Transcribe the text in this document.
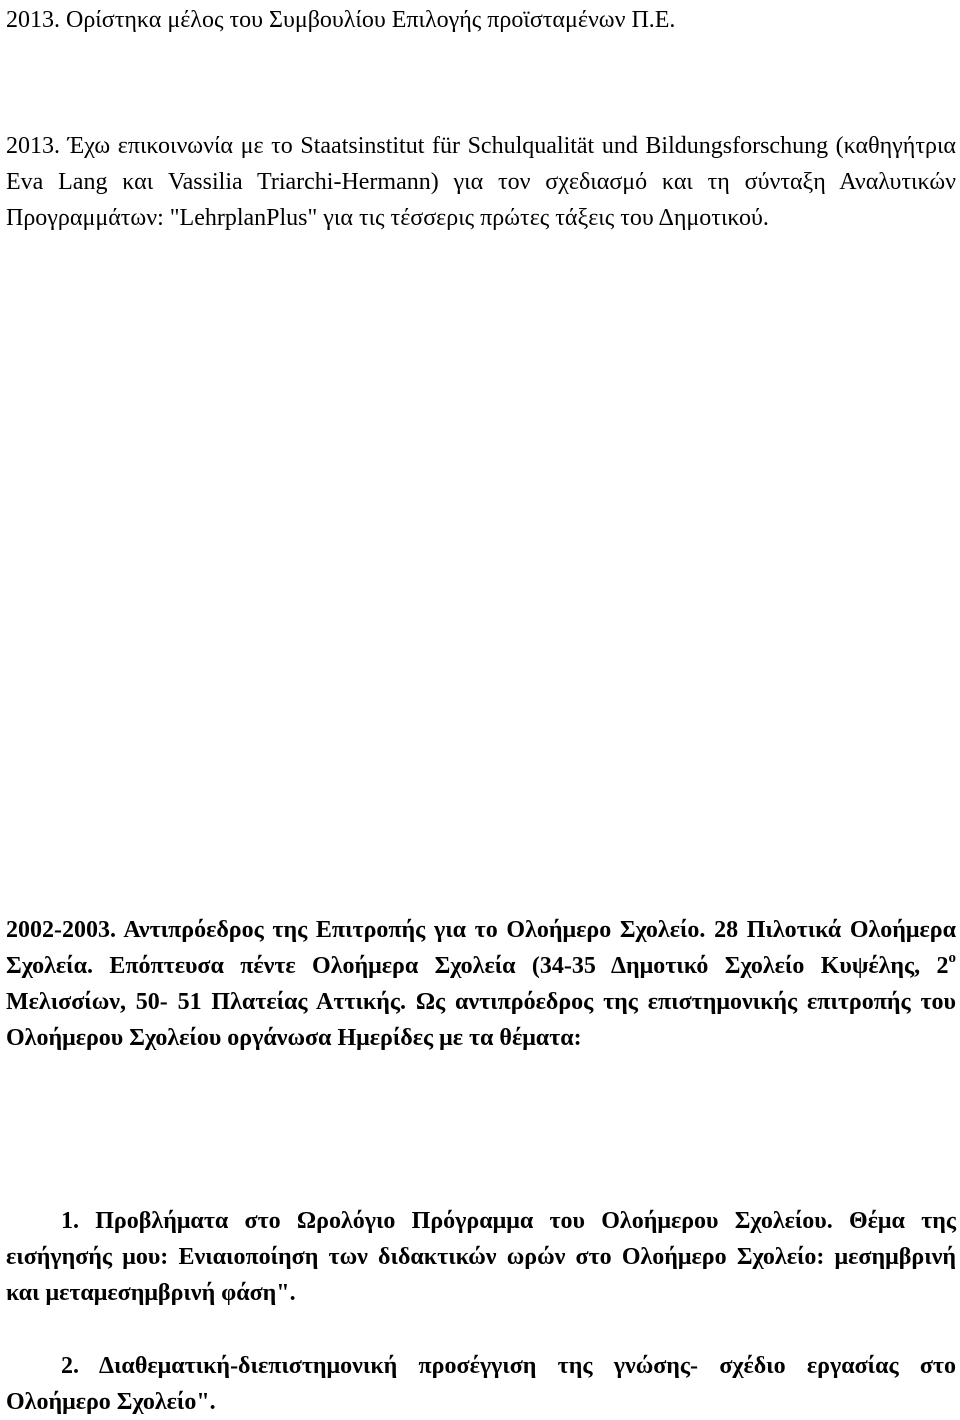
2013. Ορίστηκα μέλος του Συμβουλίου Επιλογής προϊσταμένων Π.Ε.

2013. Έχω επικοινωνία με το Staatsinstitut für Schulqualität und Bildungsforschung (καθηγήτρια Eva Lang και Vassilia Triarchi-Hermann) για τον σχεδιασμό και τη σύνταξη Αναλυτικών Προγραμμάτων: "LehrplanPlus" για τις τέσσερις πρώτες τάξεις του Δημοτικού.

2002-2003. Αντιπρόεδρος της Επιτροπής για το Ολοήμερο Σχολείο. 28 Πιλοτικά Ολοήμερα Σχολεία. Επόπτευσα πέντε Ολοήμερα Σχολεία (34-35 Δημοτικό Σχολείο Κυψέλης, $2^o$ Μελισσίων, 50- 51 Πλατείας Αττικής. Ως αντιπρόεδρος της επιστημονικής επιτροπής του Ολοήμερου Σχολείου οργάνωσα Ημερίδες με τα θέματα:

1. Προβλήματα στο Ωρολόγιο Πρόγραμμα του Ολοήμερου Σχολείου. Θέμα της εισήγησής μου: Ενιαιοποίηση των διδακτικών ωρών στο Ολοήμερο Σχολείο: μεσημβρινή και μεταμεσημβρινή φάση".

2. Διαθεματική-διεπιστημονική προσέγγιση της γνώσης- σχέδιο εργασίας στο Ολοήμερο Σχολείο".
